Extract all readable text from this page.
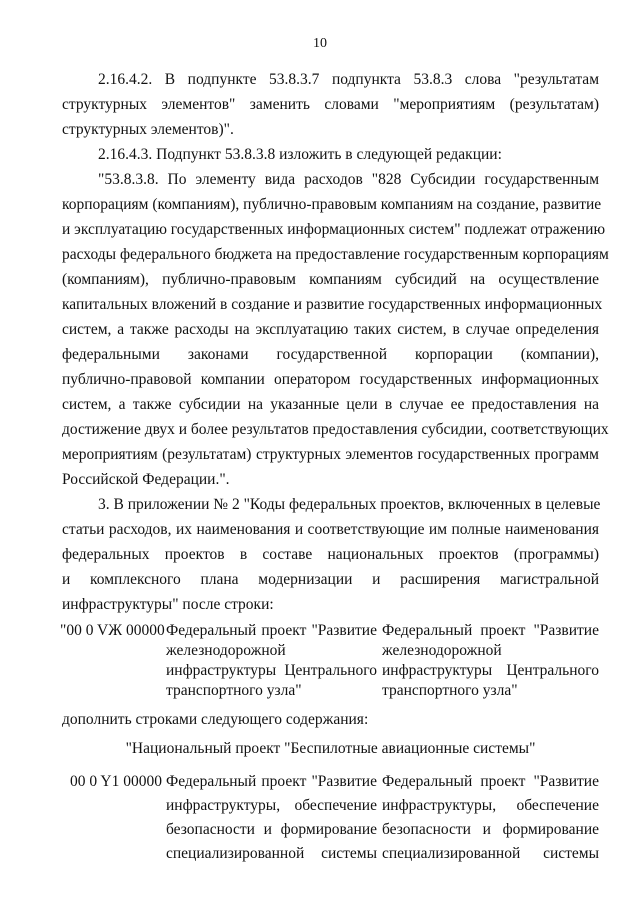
10
2.16.4.2. В подпункте 53.8.3.7 подпункта 53.8.3 слова "результатам
структурных элементов" заменить словами "мероприятиям (результатам)
структурных элементов)".
2.16.4.3. Подпункт 53.8.3.8 изложить в следующей редакции:
"53.8.3.8. По элементу вида расходов "828 Субсидии государственным
корпорациям (компаниям), публично-правовым компаниям на создание, развитие
и эксплуатацию государственных информационных систем" подлежат отражению
расходы федерального бюджета на предоставление государственным корпорациям
(компаниям), публично-правовым компаниям субсидий на осуществление
капитальных вложений в создание и развитие государственных информационных
систем, а также расходы на эксплуатацию таких систем, в случае определения
федеральными законами государственной корпорации (компании),
публично-правовой компании оператором государственных информационных
систем, а также субсидии на указанные цели в случае ее предоставления на
достижение двух и более результатов предоставления субсидии, соответствующих
мероприятиям (результатам) структурных элементов государственных программ
Российской Федерации.".
3. В приложении № 2 "Коды федеральных проектов, включенных в целевые
статьи расходов, их наименования и соответствующие им полные наименования
федеральных проектов в составе национальных проектов (программы)
и комплексного плана модернизации и расширения магистральной
инфраструктуры" после строки:
"00 0 VЖ 00000 Федеральный проект "Развитие
железнодорожной
инфраструктуры Центрального
транспортного узла"
Федеральный проект "Развитие
железнодорожной
инфраструктуры Центрального
транспортного узла"
дополнить строками следующего содержания:
"Национальный проект "Беспилотные авиационные системы"
00 0 Y1 00000 Федеральный проект "Развитие
инфраструктуры, обеспечение
безопасности и формирование
специализированной системы
Федеральный проект "Развитие
инфраструктуры, обеспечение
безопасности и формирование
специализированной системы
